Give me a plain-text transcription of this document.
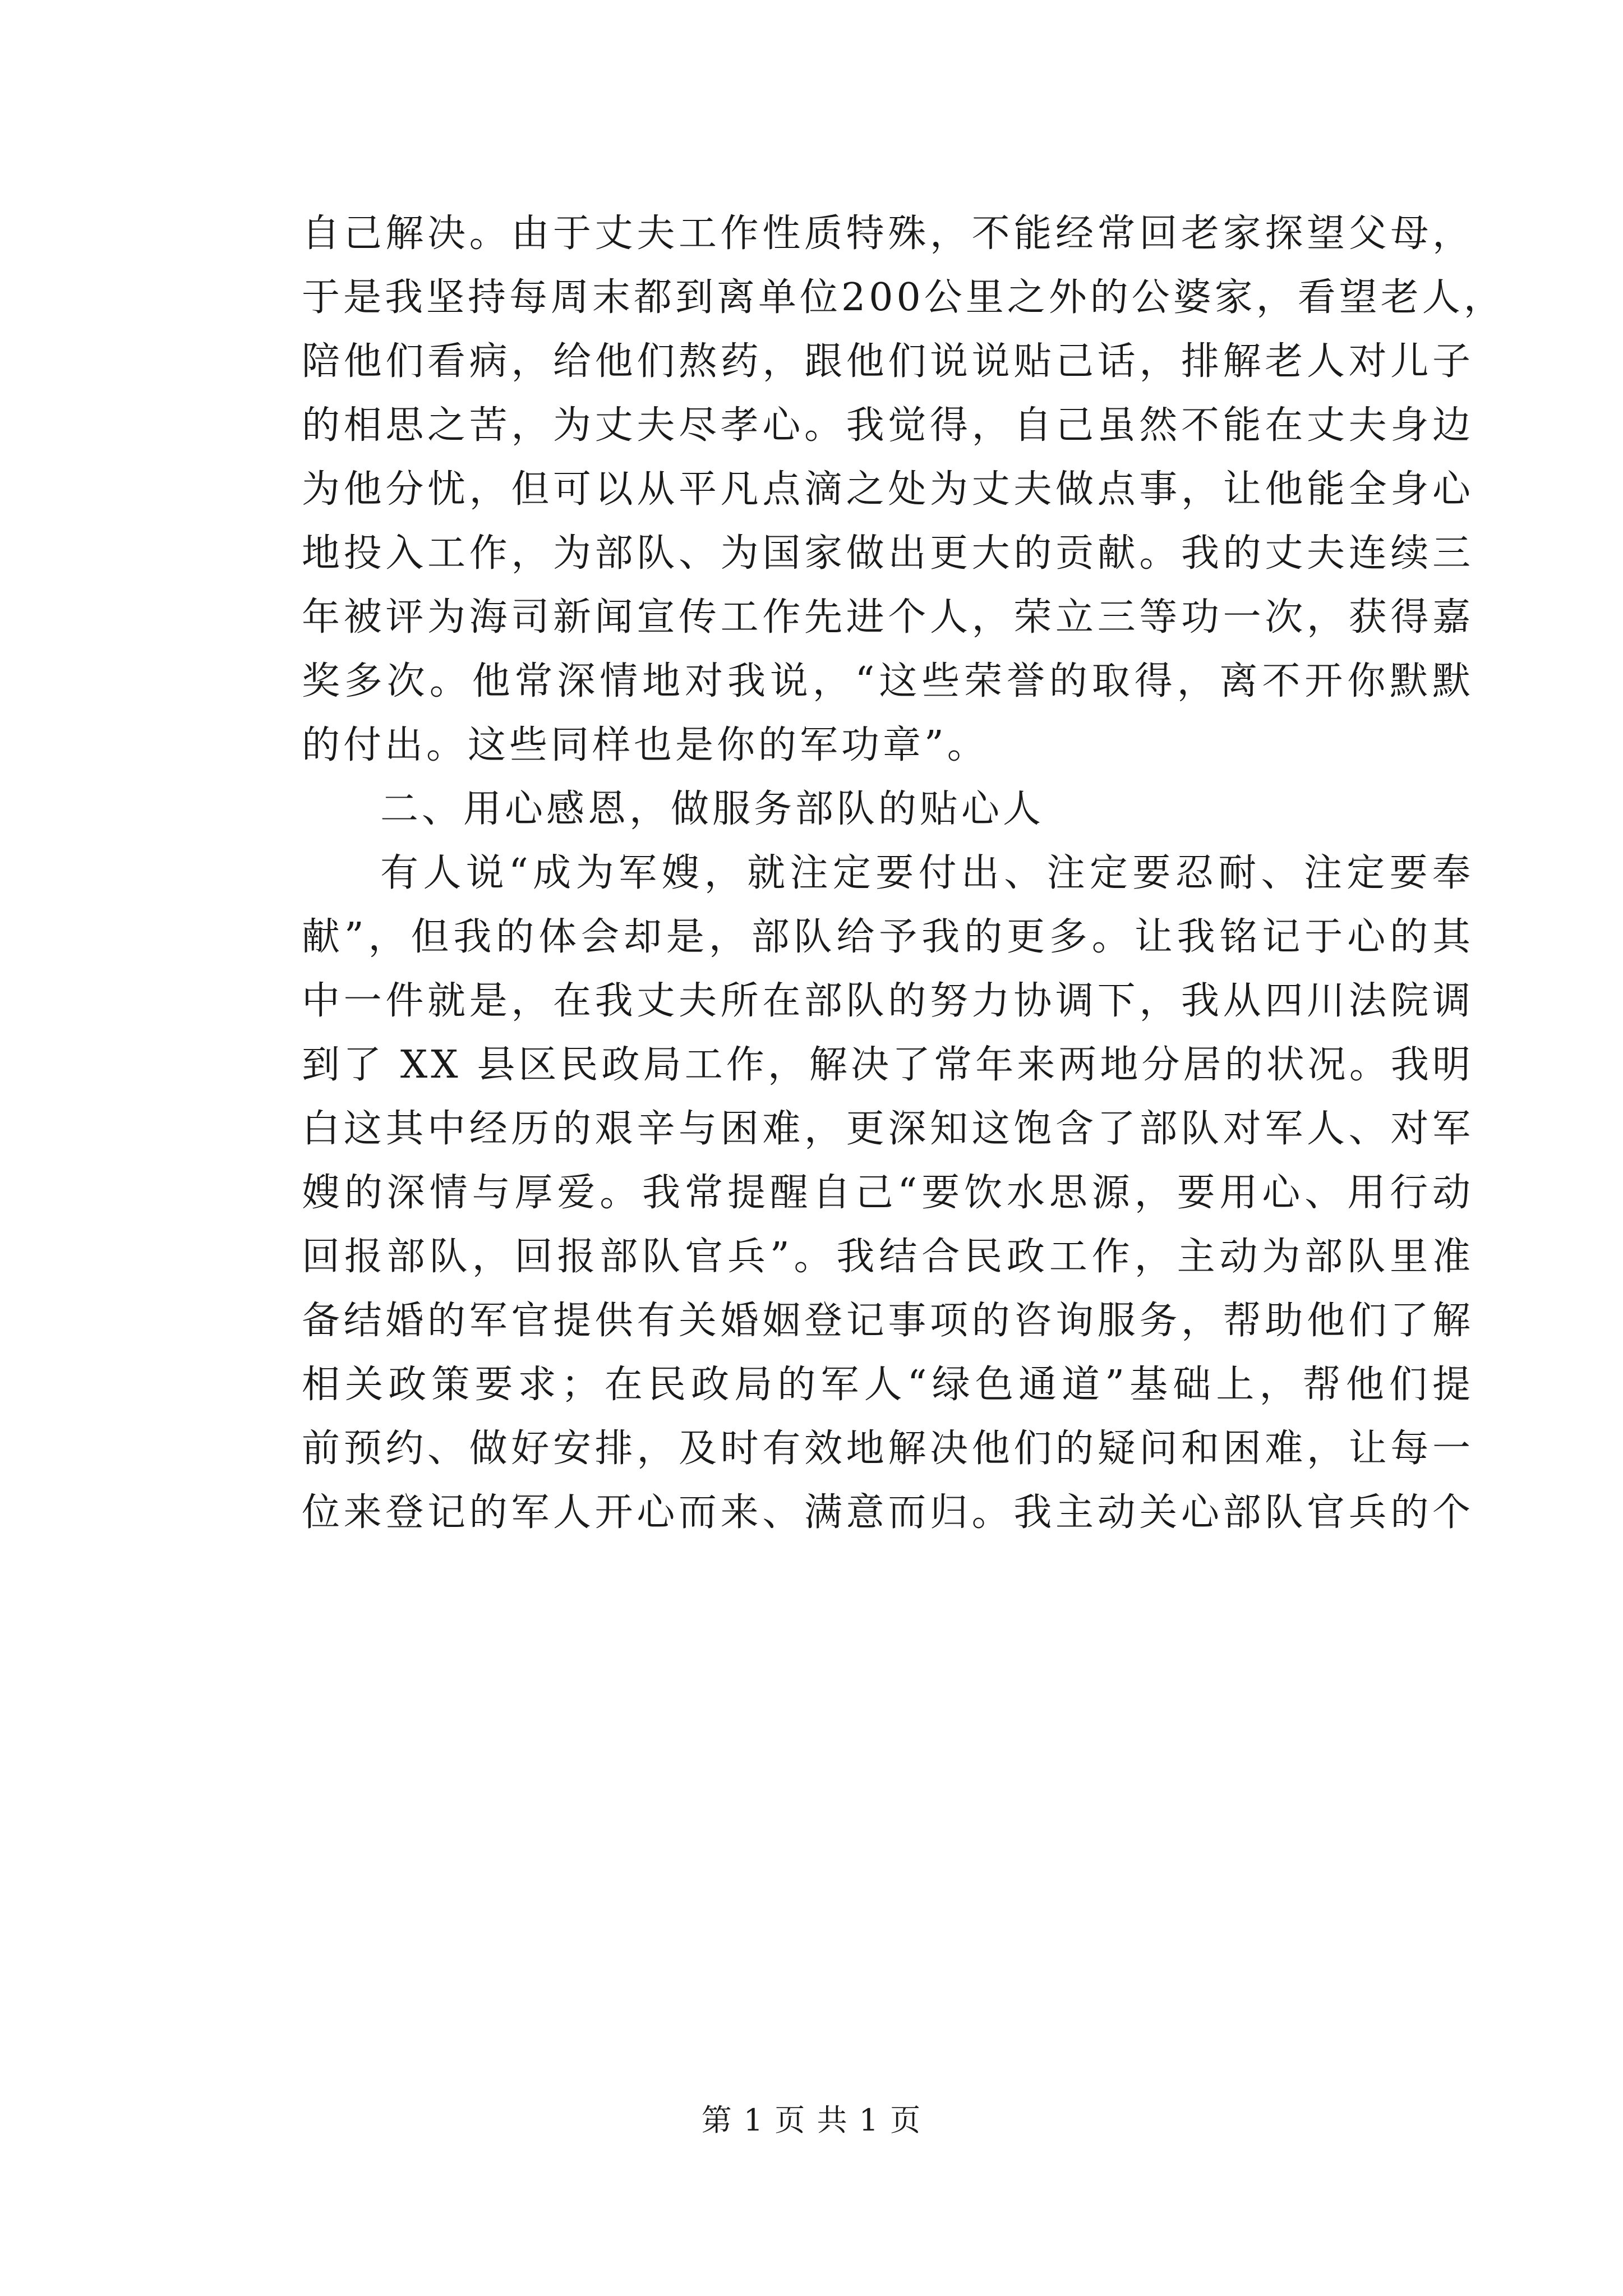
自己解决。由于丈夫工作性质特殊，不能经常回老家探望父母，
于是我坚持每周末都到离单位200公里之外的公婆家，看望老人，
陪他们看病，给他们熬药，跟他们说说贴己话，排解老人对儿子
的相思之苦，为丈夫尽孝心。我觉得，自己虽然不能在丈夫身边
为他分忧，但可以从平凡点滴之处为丈夫做点事，让他能全身心
地投入工作，为部队、为国家做出更大的贡献。我的丈夫连续三
年被评为海司新闻宣传工作先进个人，荣立三等功一次，获得嘉
奖多次。他常深情地对我说，“这些荣誉的取得，离不开你默默
的付出。这些同样也是你的军功章”。
二、用心感恩，做服务部队的贴心人
有人说“成为军嫂，就注定要付出、注定要忍耐、注定要奉
献”，但我的体会却是，部队给予我的更多。让我铭记于心的其
中一件就是，在我丈夫所在部队的努力协调下，我从四川法院调
到了 XX 县区民政局工作，解决了常年来两地分居的状况。我明
白这其中经历的艰辛与困难，更深知这饱含了部队对军人、对军
嫂的深情与厚爱。我常提醒自己“要饮水思源，要用心、用行动
回报部队，回报部队官兵”。我结合民政工作，主动为部队里准
备结婚的军官提供有关婚姻登记事项的咨询服务，帮助他们了解
相关政策要求；在民政局的军人“绿色通道”基础上，帮他们提
前预约、做好安排，及时有效地解决他们的疑问和困难，让每一
位来登记的军人开心而来、满意而归。我主动关心部队官兵的个
第 1 页 共 1 页
